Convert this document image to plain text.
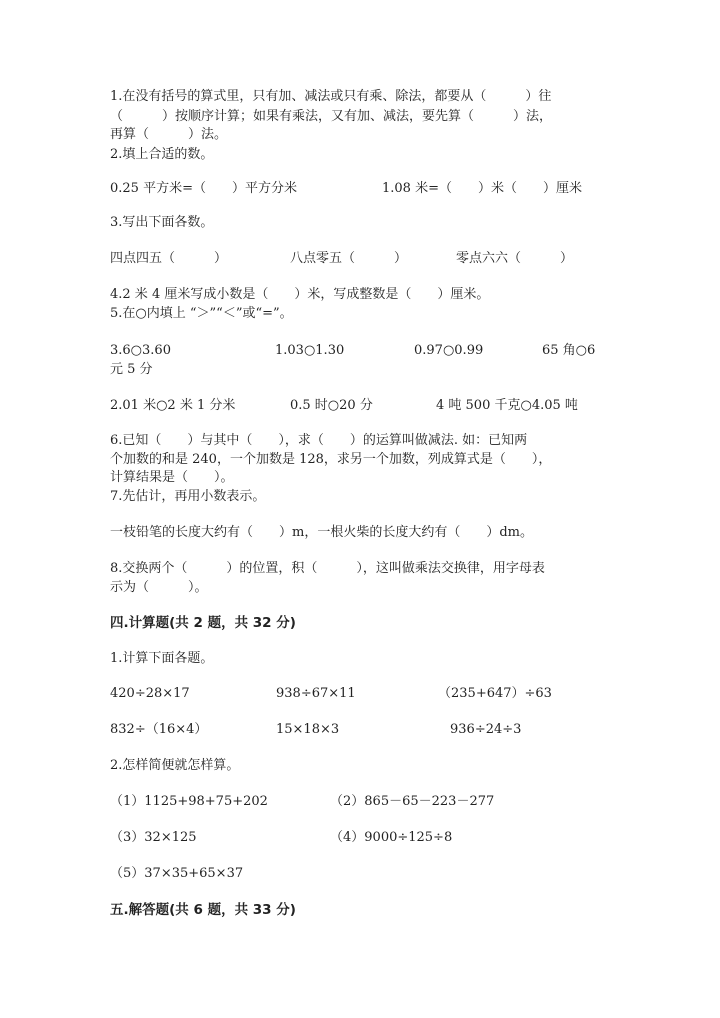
1.在没有括号的算式里，只有加、减法或只有乘、除法，都要从（　　　）往
（　　　）按顺序计算；如果有乘法，又有加、减法，要先算（　　　）法，
再算（　　　）法。
2.填上合适的数。
0.25 平方米=（　　）平方分米	1.08 米=（　　）米（　　）厘米
3.写出下面各数。
四点四五（　　　）	八点零五（　　　）	零点六六（　　　）
4.2 米 4 厘米写成小数是（　　）米，写成整数是（　　）厘米。
5.在○内填上 “＞”“＜”或“=”。
3.6○3.60	1.03○1.30	0.97○0.99	65 角○6
元 5 分
2.01 米○2 米 1 分米	0.5 时○20 分	4 吨 500 千克○4.05 吨
6.已知（　　）与其中（　　），求（　　）的运算叫做减法. 如：已知两
个加数的和是 240，一个加数是 128，求另一个加数，列成算式是（　　），
计算结果是（　　）。
7.先估计，再用小数表示。
一枝铅笔的长度大约有（　　）m，一根火柴的长度大约有（　　）dm。
8.交换两个（　　　）的位置，积（　　　），这叫做乘法交换律，用字母表
示为（　　　）。
四.计算题(共 2 题，共 32 分)
1.计算下面各题。
420÷28×17	938÷67×11	（235+647）÷63
832÷（16×4）	15×18×3	936÷24÷3
2.怎样简便就怎样算。
（1）1125+98+75+202	（2）865－65－223－277
（3）32×125	（4）9000÷125÷8
（5）37×35+65×37
五.解答题(共 6 题，共 33 分)
